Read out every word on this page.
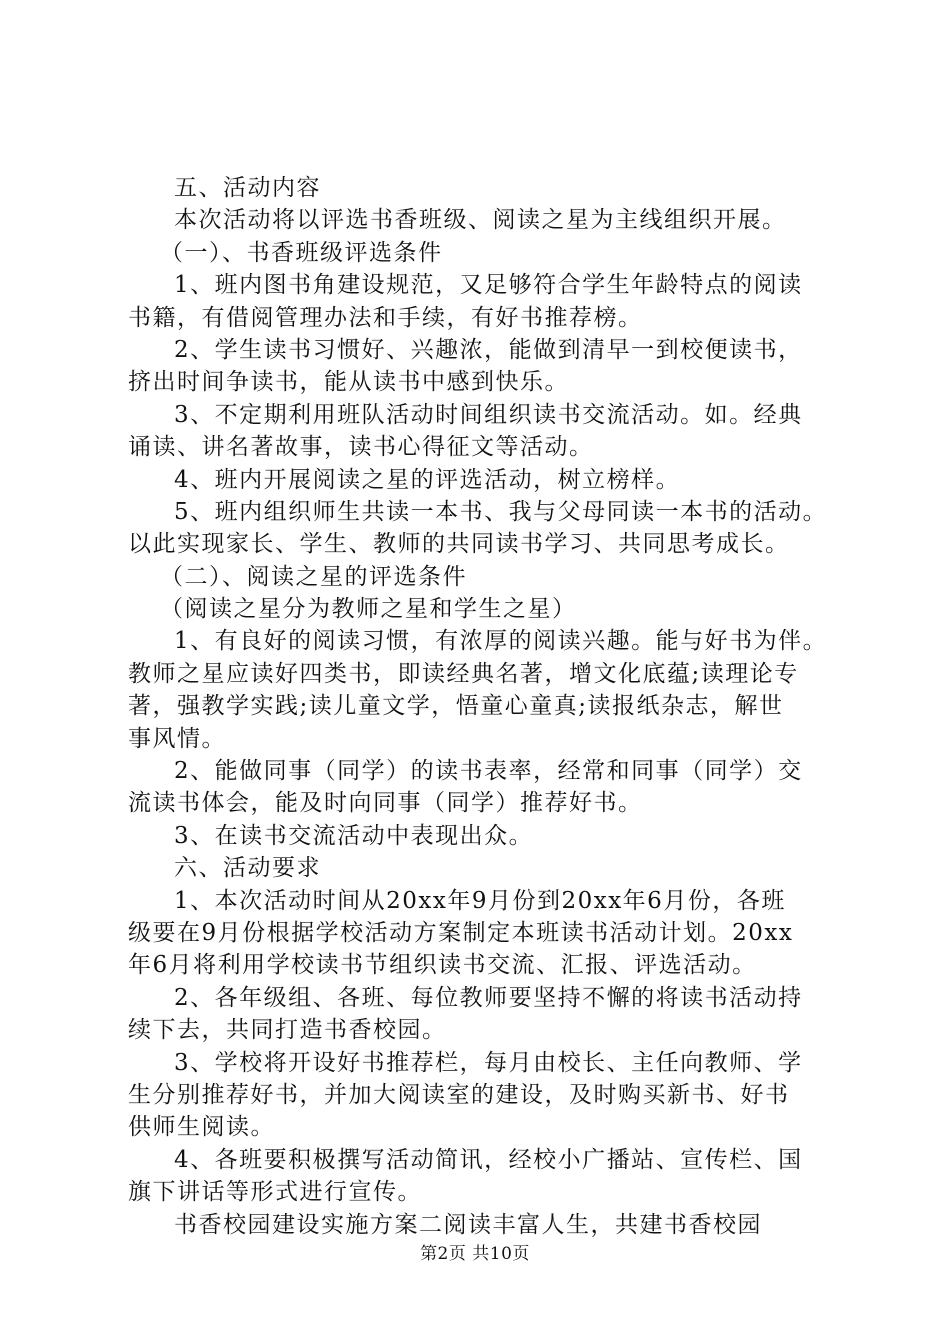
五、活动内容
本次活动将以评选书香班级、阅读之星为主线组织开展。
（一）、书香班级评选条件
1、班内图书角建设规范，又足够符合学生年龄特点的阅读
书籍，有借阅管理办法和手续，有好书推荐榜。
2、学生读书习惯好、兴趣浓，能做到清早一到校便读书，
挤出时间争读书，能从读书中感到快乐。
3、不定期利用班队活动时间组织读书交流活动。如。经典
诵读、讲名著故事，读书心得征文等活动。
4、班内开展阅读之星的评选活动，树立榜样。
5、班内组织师生共读一本书、我与父母同读一本书的活动。
以此实现家长、学生、教师的共同读书学习、共同思考成长。
（二）、阅读之星的评选条件
（阅读之星分为教师之星和学生之星）
1、有良好的阅读习惯，有浓厚的阅读兴趣。能与好书为伴。
教师之星应读好四类书，即读经典名著，增文化底蕴;读理论专
著，强教学实践;读儿童文学，悟童心童真;读报纸杂志，解世
事风情。
2、能做同事（同学）的读书表率，经常和同事（同学）交
流读书体会，能及时向同事（同学）推荐好书。
3、在读书交流活动中表现出众。
六、活动要求
1、本次活动时间从20xx年9月份到20xx年6月份，各班
级要在9月份根据学校活动方案制定本班读书活动计划。20xx
年6月将利用学校读书节组织读书交流、汇报、评选活动。
2、各年级组、各班、每位教师要坚持不懈的将读书活动持
续下去，共同打造书香校园。
3、学校将开设好书推荐栏，每月由校长、主任向教师、学
生分别推荐好书，并加大阅读室的建设，及时购买新书、好书
供师生阅读。
4、各班要积极撰写活动简讯，经校小广播站、宣传栏、国
旗下讲话等形式进行宣传。
书香校园建设实施方案二阅读丰富人生，共建书香校园
第2页 共10页
